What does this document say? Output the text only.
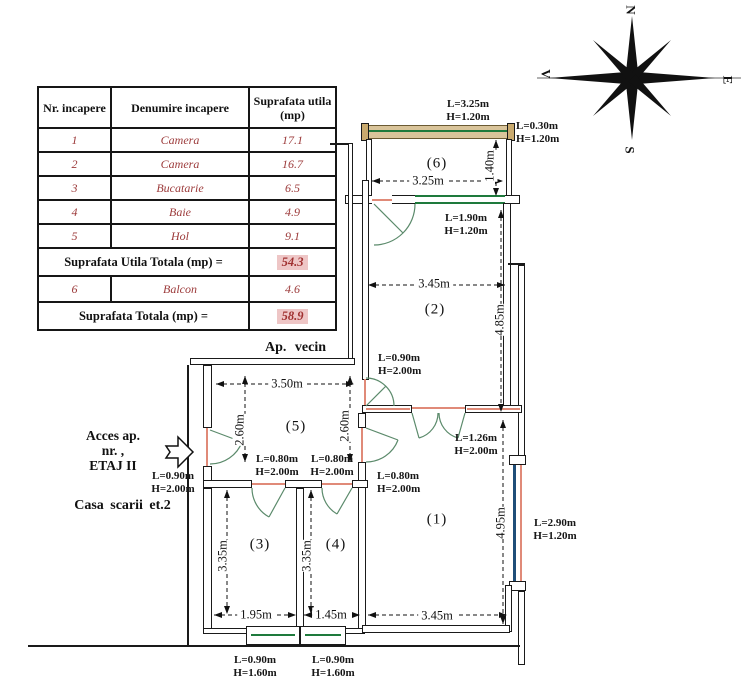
Nr. incapere	Denumire incapere	Suprafata utila (mp)
1	Camera	17.1
2	Camera	16.7
3	Bucatarie	6.5
4	Baie	4.9
5	Hol	9.1
Suprafata Utila Totala (mp) =		54.3
6	Balcon	4.6
Suprafata Totala (mp) =		58.9
N
E
S
V
3.25m	1.40m
3.45m
4.85m
3.50m
2.60m	2.60m
3.35m	3.35m
1.95m	1.45m	3.45m
4.95m
L=3.25m
H=1.20m
L=0.30m
H=1.20m
L=1.90m
H=1.20m
L=0.90m
H=2.00m
L=1.26m
H=2.00m
L=0.80m
H=2.00m
L=2.90m
H=1.20m
L=0.80m
H=2.00m
L=0.80m
H=2.00m
L=0.90m
H=2.00m
L=0.90m
H=1.60m
L=0.90m
H=1.60m
(1)
(2)
(3)	(4)
(5)
(6)
Ap. vecin
Acces ap.
nr. ,
ETAJ II
Casa scarii et.2
